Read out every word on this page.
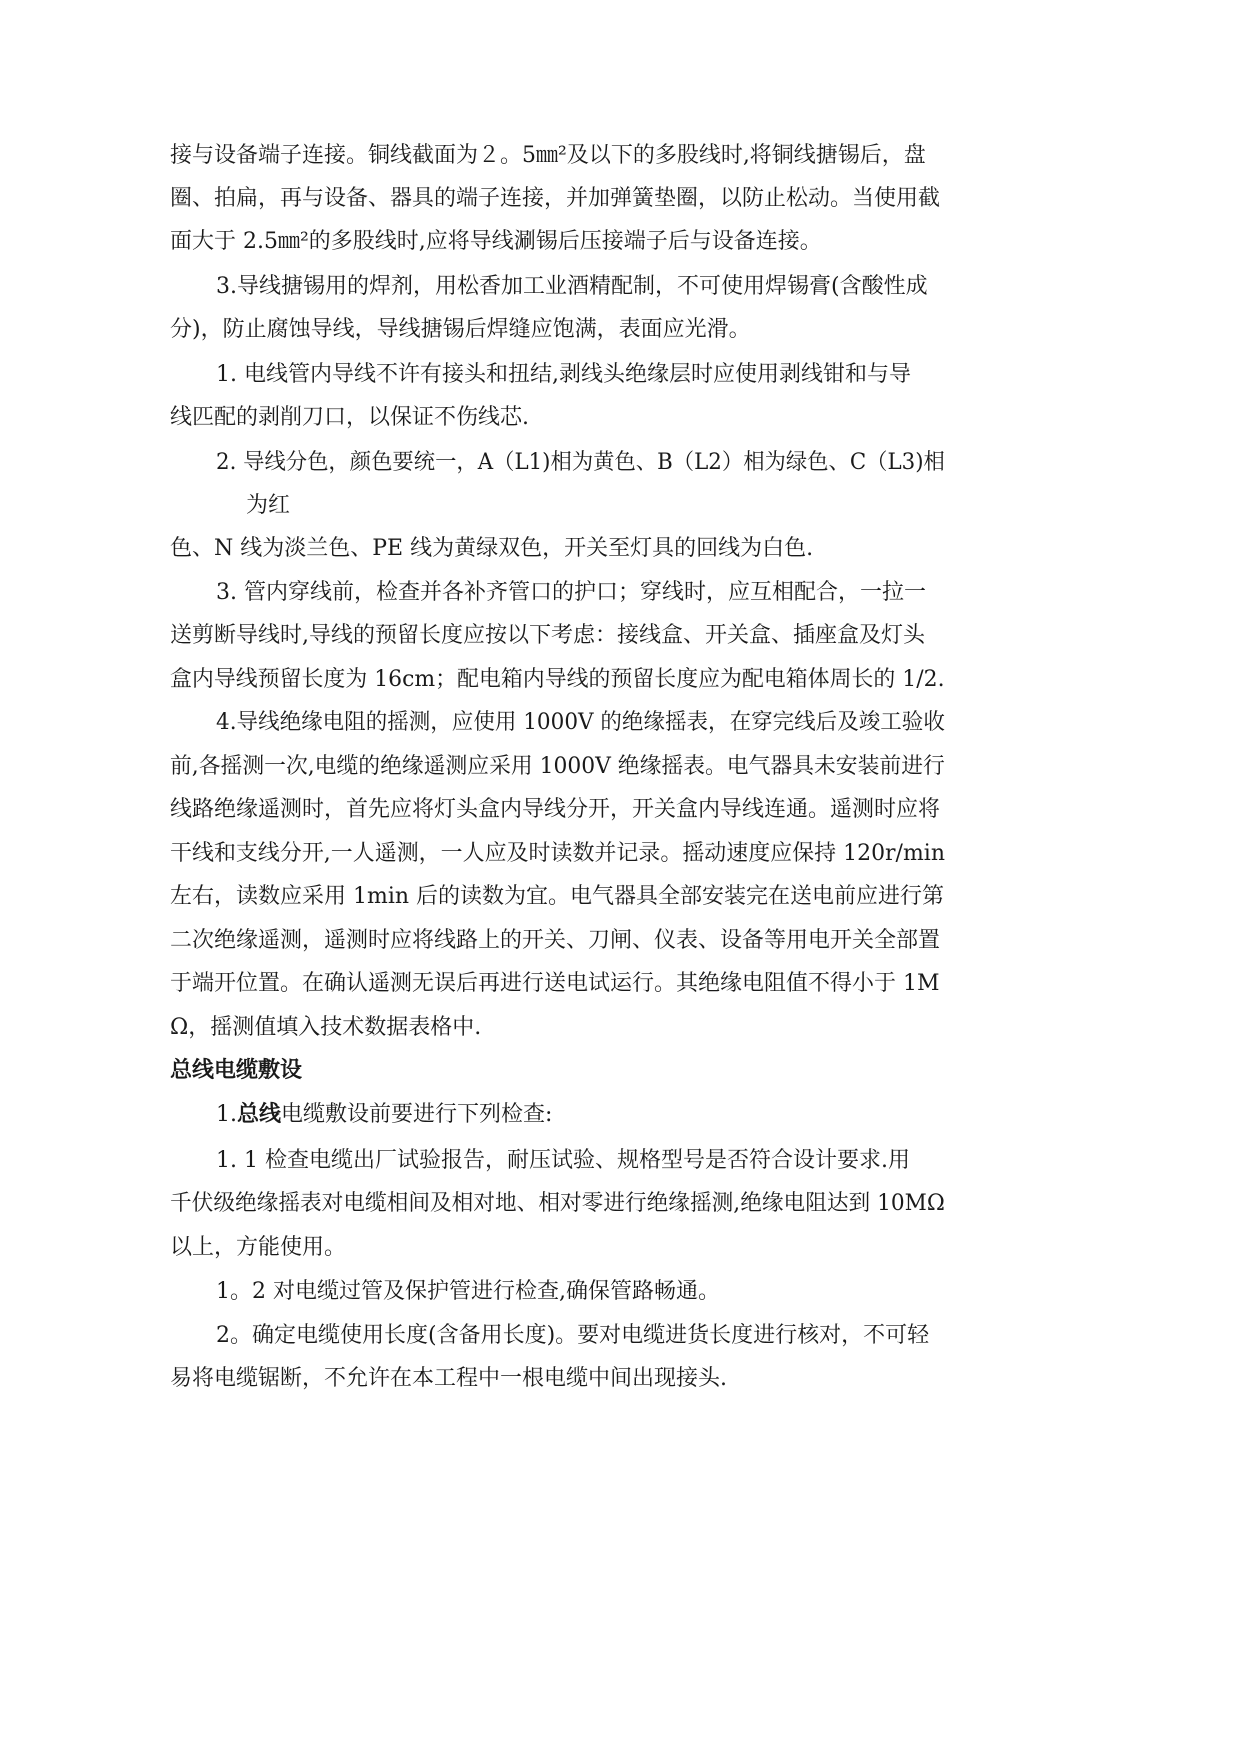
接与设备端子连接。铜线截面为２。5㎜²及以下的多股线时,将铜线搪锡后，盘
圈、拍扁，再与设备、器具的端子连接，并加弹簧垫圈，以防止松动。当使用截
面大于 2.5㎜²的多股线时,应将导线涮锡后压接端子后与设备连接。
3.导线搪锡用的焊剂，用松香加工业酒精配制，不可使用焊锡膏(含酸性成
分)，防止腐蚀导线，导线搪锡后焊缝应饱满，表面应光滑。
1. 电线管内导线不许有接头和扭结,剥线头绝缘层时应使用剥线钳和与导
线匹配的剥削刀口，以保证不伤线芯.
2. 导线分色，颜色要统一，A（L1)相为黄色、B（L2）相为绿色、C（L3)相
为红
色、N 线为淡兰色、PE 线为黄绿双色，开关至灯具的回线为白色.
3. 管内穿线前，检查并各补齐管口的护口；穿线时，应互相配合，一拉一
送剪断导线时,导线的预留长度应按以下考虑：接线盒、开关盒、插座盒及灯头
盒内导线预留长度为 16cm；配电箱内导线的预留长度应为配电箱体周长的 1/2.
4.导线绝缘电阻的摇测，应使用 1000V 的绝缘摇表，在穿完线后及竣工验收
前,各摇测一次,电缆的绝缘遥测应采用 1000V 绝缘摇表。电气器具未安装前进行
线路绝缘遥测时，首先应将灯头盒内导线分开，开关盒内导线连通。遥测时应将
干线和支线分开,一人遥测，一人应及时读数并记录。摇动速度应保持 120r/min
左右，读数应采用 1min 后的读数为宜。电气器具全部安装完在送电前应进行第
二次绝缘遥测，遥测时应将线路上的开关、刀闸、仪表、设备等用电开关全部置
于端开位置。在确认遥测无误后再进行送电试运行。其绝缘电阻值不得小于 1M
Ω，摇测值填入技术数据表格中.
总线电缆敷设
1.总线电缆敷设前要进行下列检查:
1. 1 检查电缆出厂试验报告，耐压试验、规格型号是否符合设计要求.用
千伏级绝缘摇表对电缆相间及相对地、相对零进行绝缘摇测,绝缘电阻达到 10MΩ
以上，方能使用。
1。2 对电缆过管及保护管进行检查,确保管路畅通。
2。确定电缆使用长度(含备用长度)。要对电缆进货长度进行核对，不可轻
易将电缆锯断，不允许在本工程中一根电缆中间出现接头.
